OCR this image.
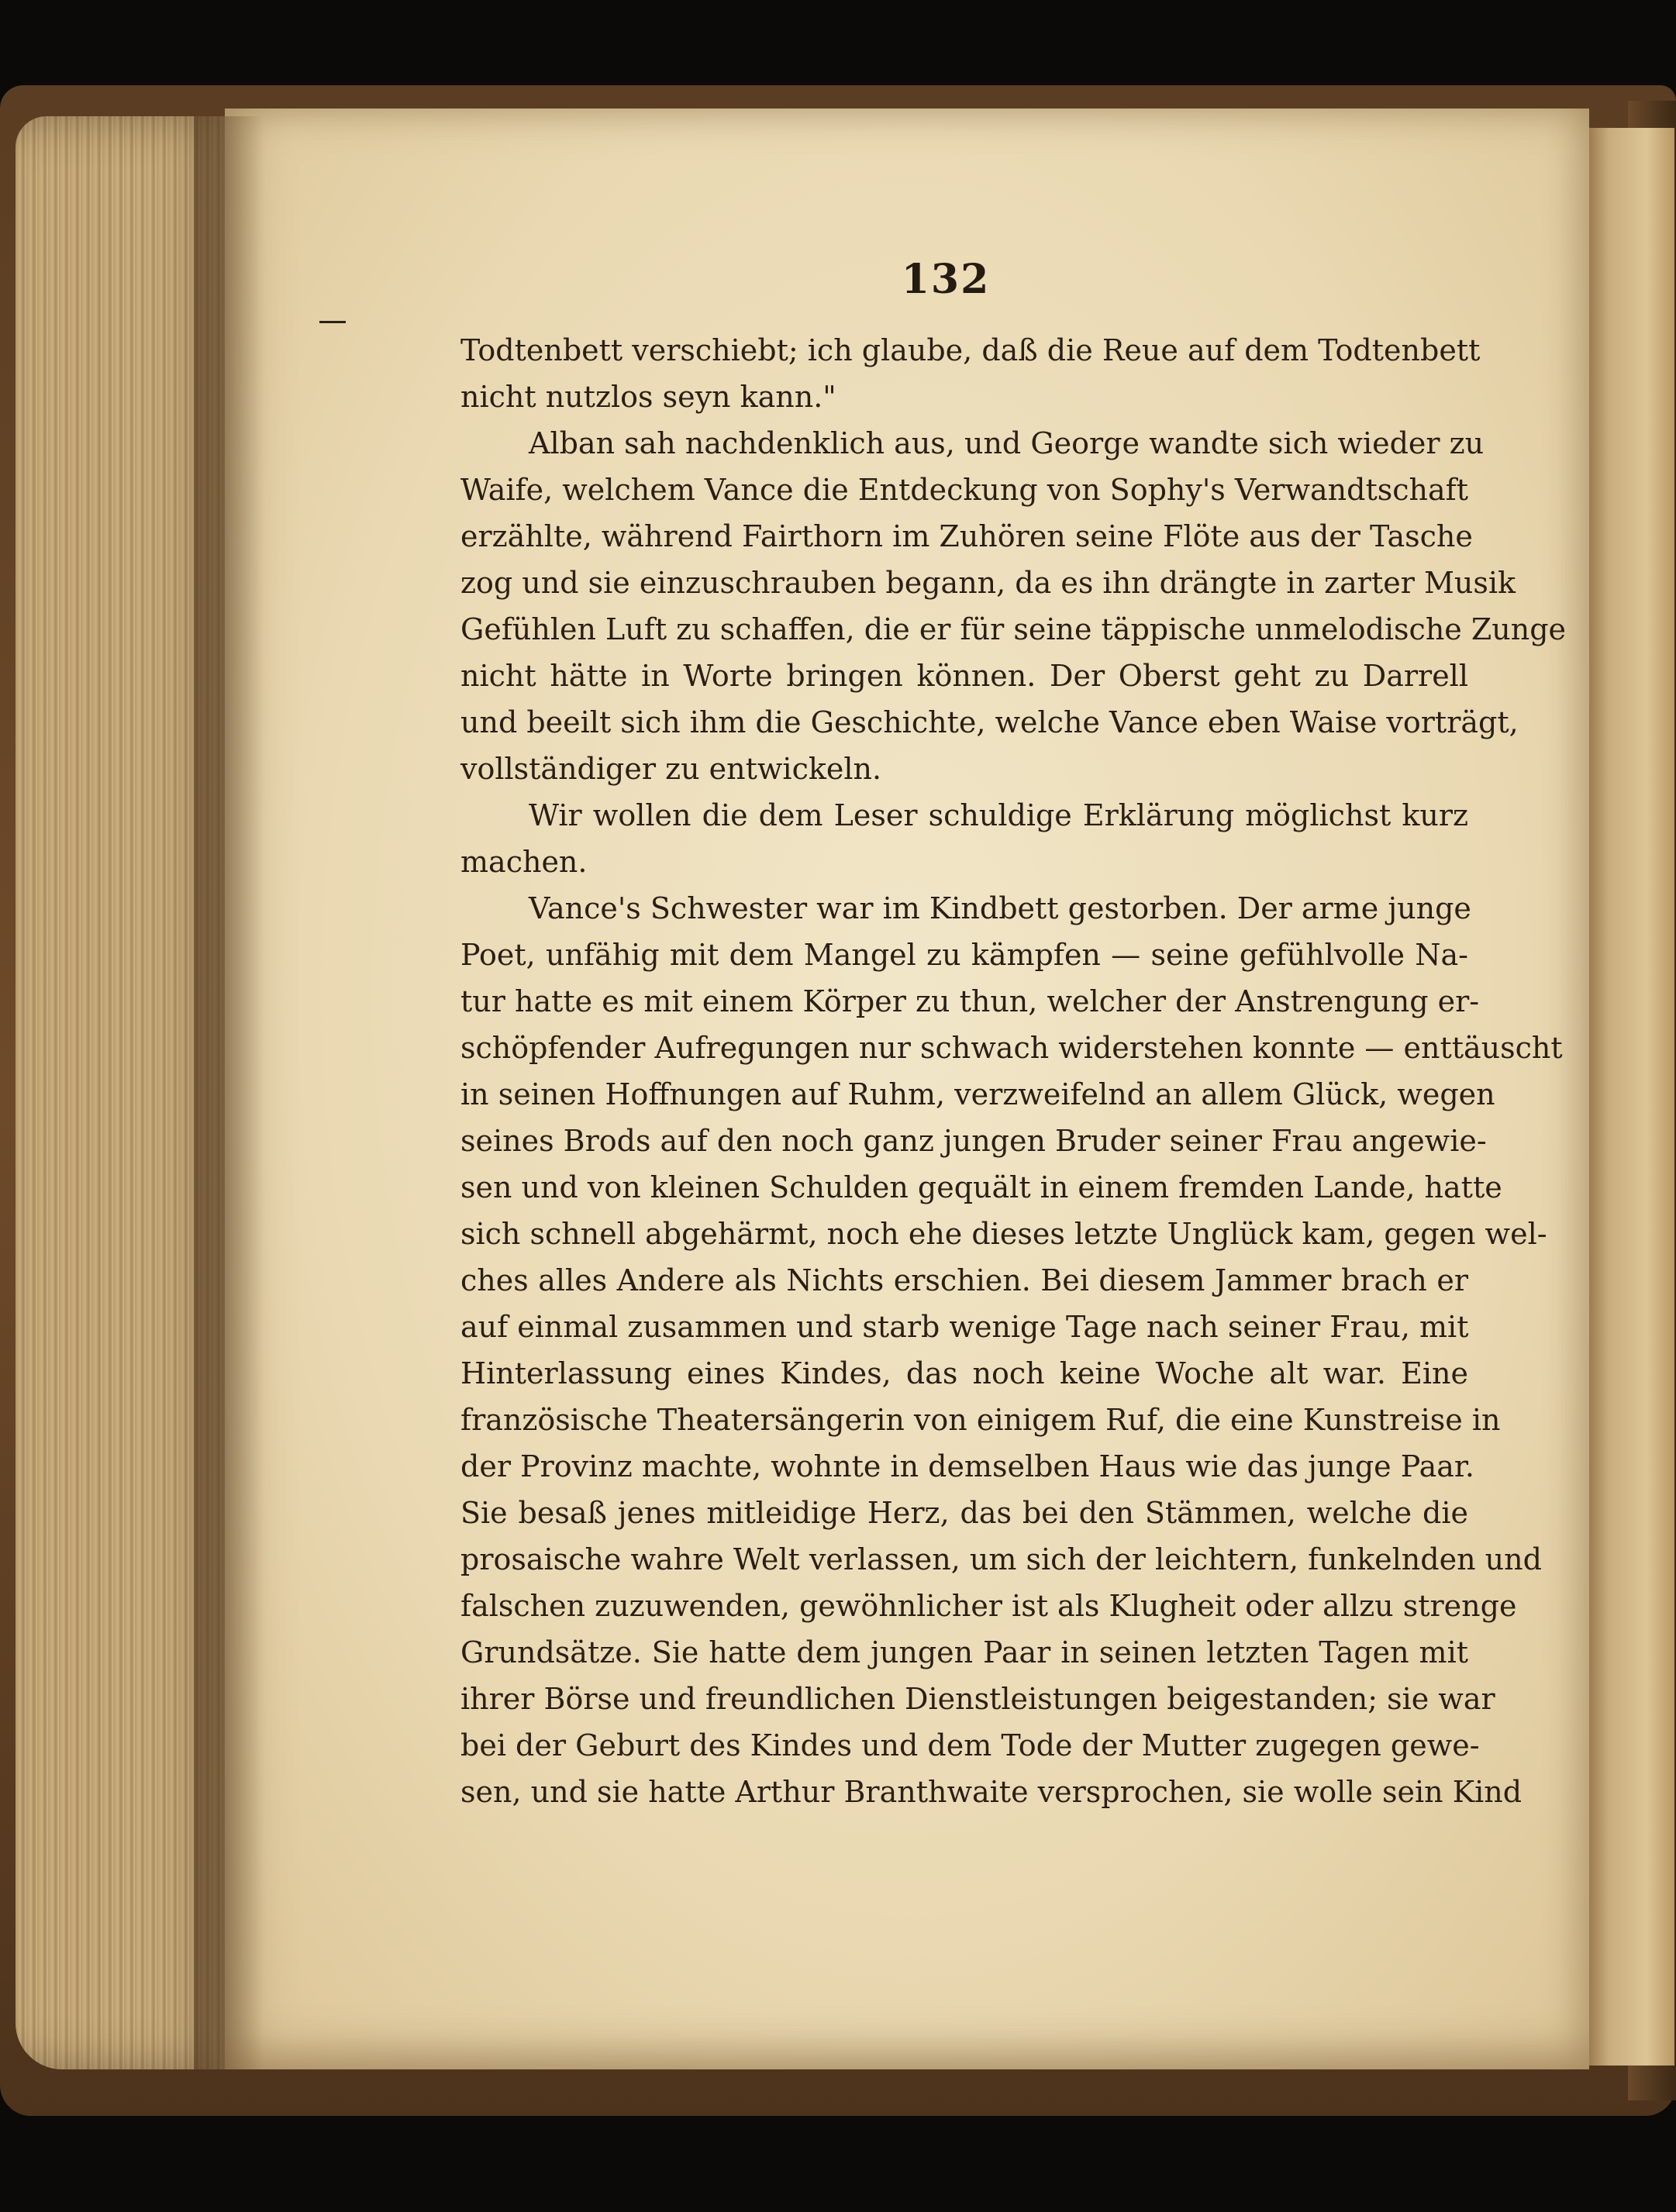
132
Todtenbett verschiebt; ich glaube, daß die Reue auf dem Todtenbett
nicht nutzlos seyn kann."
Alban sah nachdenklich aus, und George wandte sich wieder zu
Waife, welchem Vance die Entdeckung von Sophy's Verwandtschaft
erzählte, während Fairthorn im Zuhören seine Flöte aus der Tasche
zog und sie einzuschrauben begann, da es ihn drängte in zarter Musik
Gefühlen Luft zu schaffen, die er für seine täppische unmelodische Zunge
nicht hätte in Worte bringen können. Der Oberst geht zu Darrell
und beeilt sich ihm die Geschichte, welche Vance eben Waise vorträgt,
vollständiger zu entwickeln.
Wir wollen die dem Leser schuldige Erklärung möglichst kurz
machen.
Vance's Schwester war im Kindbett gestorben. Der arme junge
Poet, unfähig mit dem Mangel zu kämpfen — seine gefühlvolle Na-
tur hatte es mit einem Körper zu thun, welcher der Anstrengung er-
schöpfender Aufregungen nur schwach widerstehen konnte — enttäuscht
in seinen Hoffnungen auf Ruhm, verzweifelnd an allem Glück, wegen
seines Brods auf den noch ganz jungen Bruder seiner Frau angewie-
sen und von kleinen Schulden gequält in einem fremden Lande, hatte
sich schnell abgehärmt, noch ehe dieses letzte Unglück kam, gegen wel-
ches alles Andere als Nichts erschien. Bei diesem Jammer brach er
auf einmal zusammen und starb wenige Tage nach seiner Frau, mit
Hinterlassung eines Kindes, das noch keine Woche alt war. Eine
französische Theatersängerin von einigem Ruf, die eine Kunstreise in
der Provinz machte, wohnte in demselben Haus wie das junge Paar.
Sie besaß jenes mitleidige Herz, das bei den Stämmen, welche die
prosaische wahre Welt verlassen, um sich der leichtern, funkelnden und
falschen zuzuwenden, gewöhnlicher ist als Klugheit oder allzu strenge
Grundsätze. Sie hatte dem jungen Paar in seinen letzten Tagen mit
ihrer Börse und freundlichen Dienstleistungen beigestanden; sie war
bei der Geburt des Kindes und dem Tode der Mutter zugegen gewe-
sen, und sie hatte Arthur Branthwaite versprochen, sie wolle sein Kind
